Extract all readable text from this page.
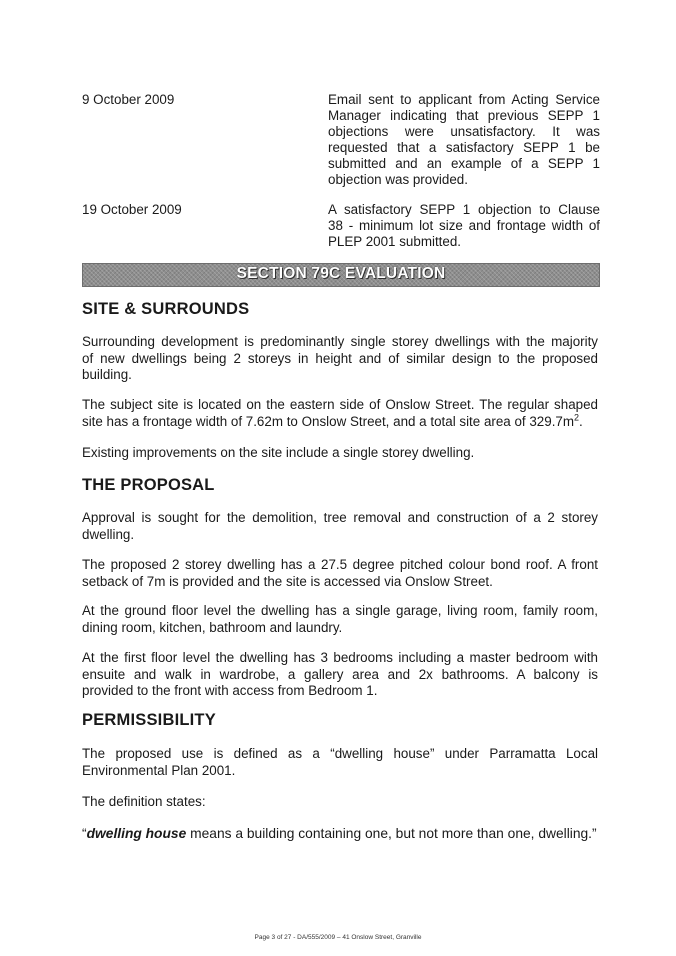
9 October 2009	Email sent to applicant from Acting Service
Manager indicating that previous SEPP 1
objections were unsatisfactory. It was
requested that a satisfactory SEPP 1 be
submitted and an example of a SEPP 1
objection was provided.
19 October 2009	A satisfactory SEPP 1 objection to Clause
38 - minimum lot size and frontage width of
PLEP 2001 submitted.
SECTION 79C EVALUATION
SITE & SURROUNDS

Surrounding development is predominantly single storey dwellings with the majority
of new dwellings being 2 storeys in height and of similar design to the proposed
building.

The subject site is located on the eastern side of Onslow Street. The regular shaped
site has a frontage width of 7.62m to Onslow Street, and a total site area of $329.7m^2$.

Existing improvements on the site include a single storey dwelling.

THE PROPOSAL

Approval is sought for the demolition, tree removal and construction of a 2 storey
dwelling.

The proposed 2 storey dwelling has a 27.5 degree pitched colour bond roof. A front
setback of 7m is provided and the site is accessed via Onslow Street.

At the ground floor level the dwelling has a single garage, living room, family room,
dining room, kitchen, bathroom and laundry.

At the first floor level the dwelling has 3 bedrooms including a master bedroom with
ensuite and walk in wardrobe, a gallery area and 2x bathrooms. A balcony is
provided to the front with access from Bedroom 1.

PERMISSIBILITY

The proposed use is defined as a “dwelling house” under Parramatta Local
Environmental Plan 2001.

The definition states:

“dwelling house means a building containing one, but not more than one, dwelling.”

Page 3 of 27 - DA/555/2009 – 41 Onslow Street, Granville
